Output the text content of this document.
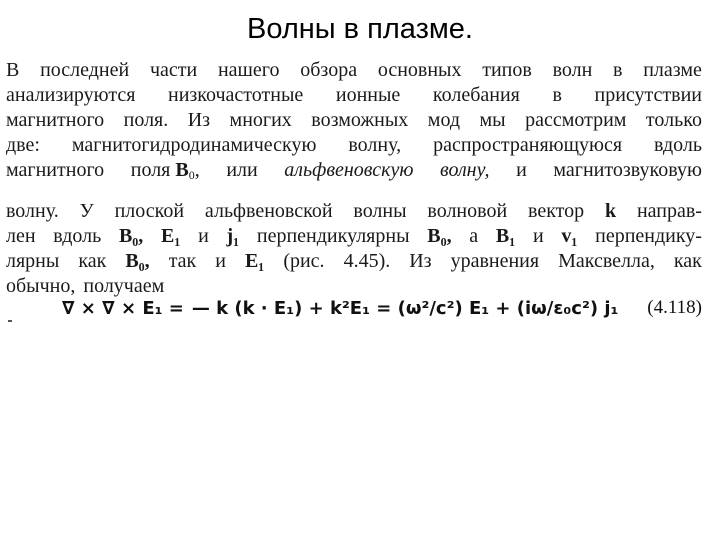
Волны в плазме.
В последней части нашего обзора основных типов волн в плазме
анализируются низкочастотные ионные колебания в присутствии
магнитного поля. Из многих возможных мод мы рассмотрим только
две: магнитогидродинамическую волну, распространяющуюся вдоль
магнитного поля $B_0$, или альфвеновскую волну, и магнитозвуковую
волну. У плоской альфвеновской волны волновой вектор k направ-
лен вдоль B₀, E₁ и j₁ перпендикулярны B₀, а B₁ и v₁ перпендику-
лярны как B₀, так и E₁ (рис. 4.45). Из уравнения Максвелла, как
обычно, получаем
∇ × ∇ × E₁ = — k (k · E₁) + k²E₁ = (ω²/c²) E₁ + (iω/ε₀c²) j₁ (4.118)
